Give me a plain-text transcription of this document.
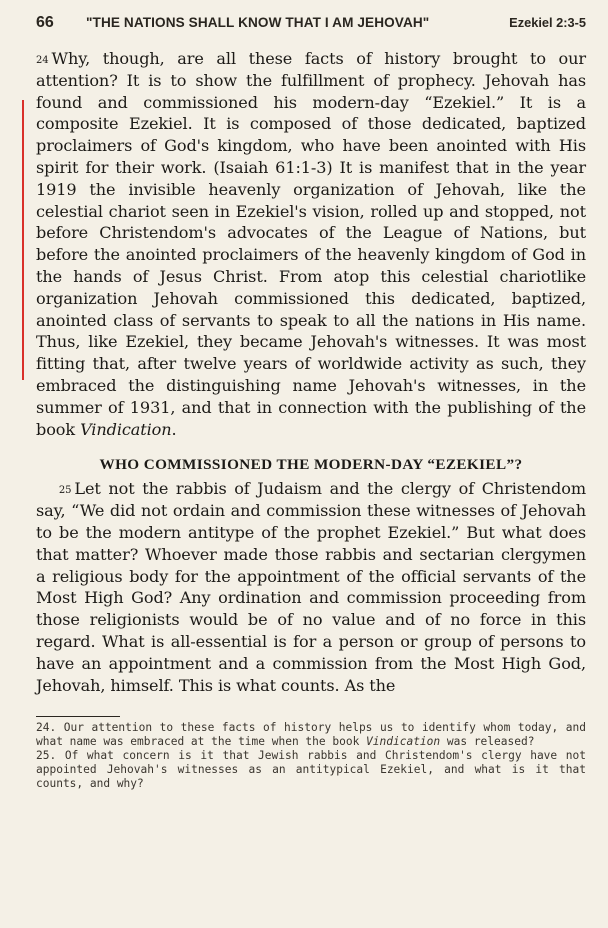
66	"THE NATIONS SHALL KNOW THAT I AM JEHOVAH"	Ezekiel 2:3-5

$^{24}$ Why, though, are all these facts of history brought to our attention? It is to show the fulfillment of prophecy. Jehovah has found and commissioned his modern-day “Ezekiel.” It is a composite Ezekiel. It is composed of those dedicated, baptized proclaimers of God's kingdom, who have been anointed with His spirit for their work. (Isaiah 61:1-3) It is manifest that in the year 1919 the invisible heavenly organization of Jehovah, like the celestial chariot seen in Ezekiel's vision, rolled up and stopped, not before Christendom's advocates of the League of Nations, but before the anointed proclaimers of the heavenly kingdom of God in the hands of Jesus Christ. From atop this celestial chariotlike organization Jehovah commissioned this dedicated, baptized, anointed class of servants to speak to all the nations in His name. Thus, like Ezekiel, they became Jehovah's witnesses. It was most fitting that, after twelve years of worldwide activity as such, they embraced the distinguishing name Jehovah's witnesses, in the summer of 1931, and that in connection with the publishing of the book Vindication.

WHO COMMISSIONED THE MODERN-DAY “EZEKIEL”?

$^{25}$ Let not the rabbis of Judaism and the clergy of Christendom say, “We did not ordain and commission these witnesses of Jehovah to be the modern antitype of the prophet Ezekiel.” But what does that matter? Whoever made those rabbis and sectarian clergymen a religious body for the appointment of the official servants of the Most High God? Any ordination and commission proceeding from those religionists would be of no value and of no force in this regard. What is all-essential is for a person or group of persons to have an appointment and a commission from the Most High God, Jehovah, himself. This is what counts. As the

24. Our attention to these facts of history helps us to identify whom today, and what name was embraced at the time when the book Vindication was released?

25. Of what concern is it that Jewish rabbis and Christendom's clergy have not appointed Jehovah's witnesses as an antitypical Ezekiel, and what is it that counts, and why?
